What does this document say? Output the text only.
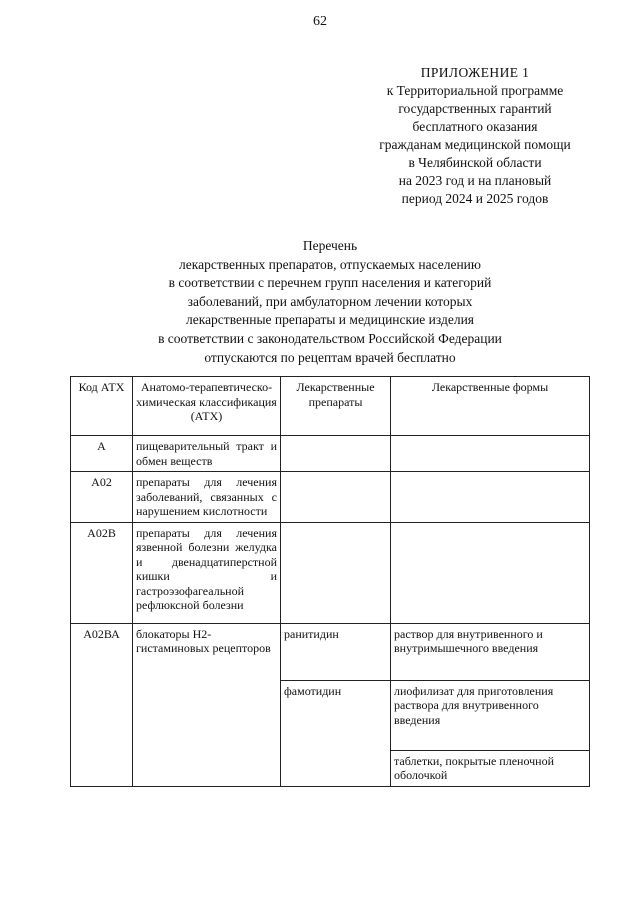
62
ПРИЛОЖЕНИЕ 1
к Территориальной программе
государственных гарантий
бесплатного оказания
гражданам медицинской помощи
в Челябинской области
на 2023 год и на плановый
период 2024 и 2025 годов
Перечень
лекарственных препаратов, отпускаемых населению
в соответствии с перечнем групп населения и категорий
заболеваний, при амбулаторном лечении которых
лекарственные препараты и медицинские изделия
в соответствии с законодательством Российской Федерации
отпускаются по рецептам врачей бесплатно
Код АТХ	Анатомо-терапевтическо-химическая классификация (АТХ)	Лекарственные препараты	Лекарственные формы
А	пищеварительный тракт и обмен веществ		
А02	препараты для лечения заболеваний, связанных с нарушением кислотности		
А02В	препараты для лечения язвенной болезни желудка и двенадцатиперстной кишки и гастроэзофагеальной рефлюксной болезни		
А02ВА	блокаторы Н2-гистаминовых рецепторов	ранитидин	раствор для внутривенного и внутримышечного введения
		фамотидин	лиофилизат для приготовления раствора для внутривенного введения
			таблетки, покрытые пленочной оболочкой
